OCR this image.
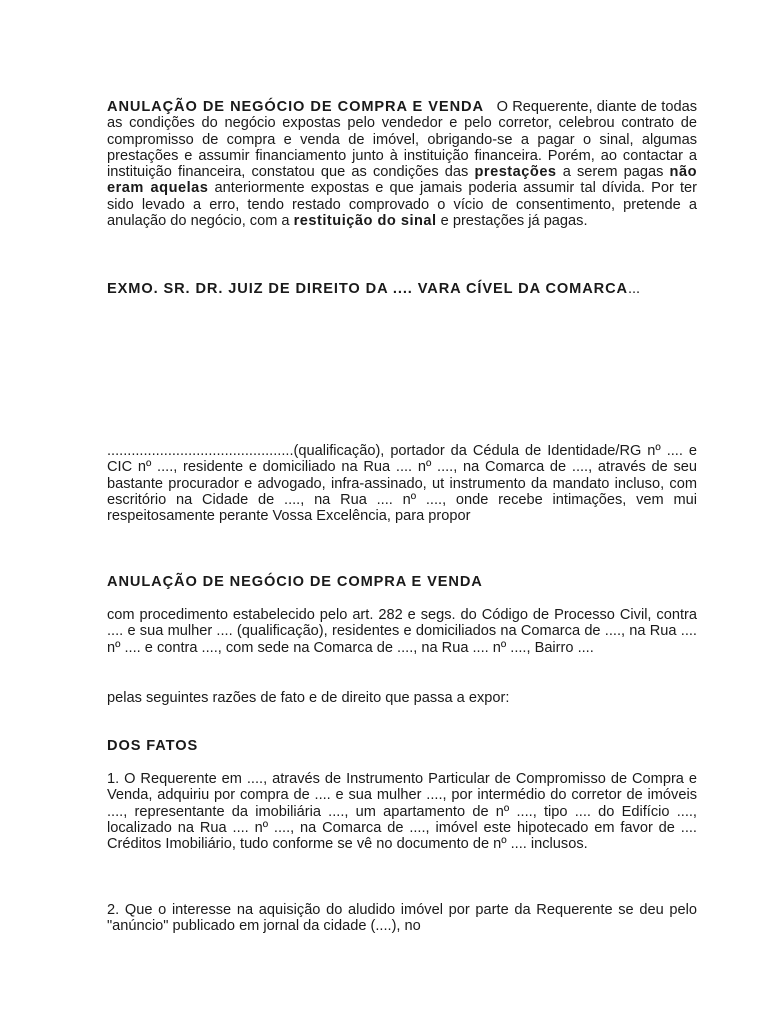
ANULAÇÃO DE NEGÓCIO DE COMPRA E VENDA O Requerente, diante de todas as condições do negócio expostas pelo vendedor e pelo corretor, celebrou contrato de compromisso de compra e venda de imóvel, obrigando-se a pagar o sinal, algumas prestações e assumir financiamento junto à instituição financeira. Porém, ao contactar a instituição financeira, constatou que as condições das prestações a serem pagas não eram aquelas anteriormente expostas e que jamais poderia assumir tal dívida. Por ter sido levado a erro, tendo restado comprovado o vício de consentimento, pretende a anulação do negócio, com a restituição do sinal e prestações já pagas.

EXMO. SR. DR. JUIZ DE DIREITO DA .... VARA CÍVEL DA COMARCA...

..............................................(qualificação), portador da Cédula de Identidade/RG nº .... e CIC nº ...., residente e domiciliado na Rua .... nº ...., na Comarca de ...., através de seu bastante procurador e advogado, infra-assinado, ut instrumento da mandato incluso, com escritório na Cidade de ...., na Rua .... nº ...., onde recebe intimações, vem mui respeitosamente perante Vossa Excelência, para propor

ANULAÇÃO DE NEGÓCIO DE COMPRA E VENDA

com procedimento estabelecido pelo art. 282 e segs. do Código de Processo Civil, contra .... e sua mulher .... (qualificação), residentes e domiciliados na Comarca de ...., na Rua .... nº .... e contra ...., com sede na Comarca de ...., na Rua .... nº ...., Bairro ....

pelas seguintes razões de fato e de direito que passa a expor:

DOS FATOS

1. O Requerente em ...., através de Instrumento Particular de Compromisso de Compra e Venda, adquiriu por compra de .... e sua mulher ...., por intermédio do corretor de imóveis ...., representante da imobiliária ...., um apartamento de nº ...., tipo .... do Edifício ...., localizado na Rua .... nº ...., na Comarca de ...., imóvel este hipotecado em favor de .... Créditos Imobiliário, tudo conforme se vê no documento de nº .... inclusos.

2. Que o interesse na aquisição do aludido imóvel por parte da Requerente se deu pelo "anúncio" publicado em jornal da cidade (....), no
